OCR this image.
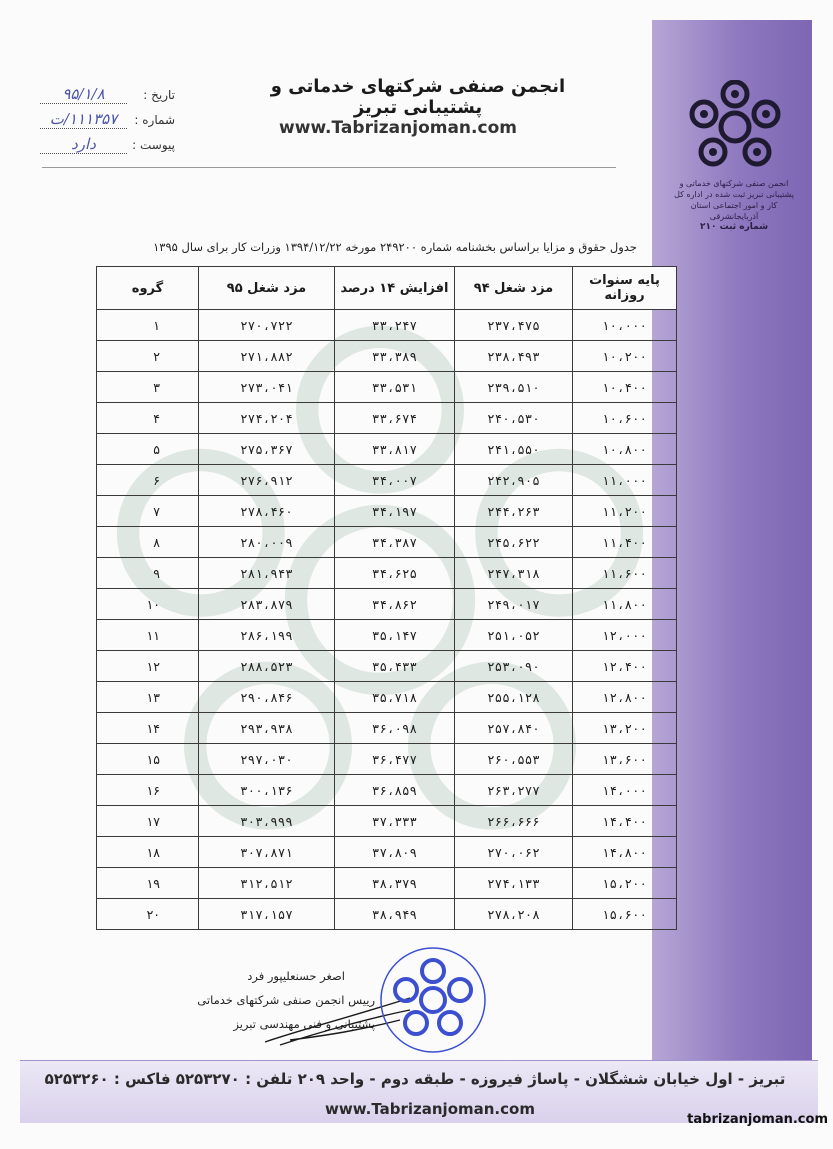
انجمن صنفی شرکتهای خدماتی و پشتیبانی تبریز ثبت شده در اداره کل کار و امور اجتماعی استان آذربایجانشرقی
شماره ثبت ۲۱۰
انجمن صنفی شرکتهای خدماتی و پشتیبانی تبریز
www.Tabrizanjoman.com
تاریخ :
۹۵/۱/۸
شماره :
۱۱۱۳۵۷/ت
پیوست :
دارد
جدول حقوق و مزایا براساس بخشنامه شماره ۲۴۹۲۰۰ مورخه ۱۳۹۴/۱۲/۲۲ وزرات کار برای سال ۱۳۹۵
پایه سنوات روزانه	مزد شغل ۹۴	افزایش ۱۴ درصد	مزد شغل ۹۵	گروه
۱۰،۰۰۰	۲۳۷،۴۷۵	۳۳،۲۴۷	۲۷۰،۷۲۲	۱
۱۰،۲۰۰	۲۳۸،۴۹۳	۳۳،۳۸۹	۲۷۱،۸۸۲	۲
۱۰،۴۰۰	۲۳۹،۵۱۰	۳۳،۵۳۱	۲۷۳،۰۴۱	۳
۱۰،۶۰۰	۲۴۰،۵۳۰	۳۳،۶۷۴	۲۷۴،۲۰۴	۴
۱۰،۸۰۰	۲۴۱،۵۵۰	۳۳،۸۱۷	۲۷۵،۳۶۷	۵
۱۱،۰۰۰	۲۴۲،۹۰۵	۳۴،۰۰۷	۲۷۶،۹۱۲	۶
۱۱،۲۰۰	۲۴۴،۲۶۳	۳۴،۱۹۷	۲۷۸،۴۶۰	۷
۱۱،۴۰۰	۲۴۵،۶۲۲	۳۴،۳۸۷	۲۸۰،۰۰۹	۸
۱۱،۶۰۰	۲۴۷،۳۱۸	۳۴،۶۲۵	۲۸۱،۹۴۳	۹
۱۱،۸۰۰	۲۴۹،۰۱۷	۳۴،۸۶۲	۲۸۳،۸۷۹	۱۰
۱۲،۰۰۰	۲۵۱،۰۵۲	۳۵،۱۴۷	۲۸۶،۱۹۹	۱۱
۱۲،۴۰۰	۲۵۳،۰۹۰	۳۵،۴۳۳	۲۸۸،۵۲۳	۱۲
۱۲،۸۰۰	۲۵۵،۱۲۸	۳۵،۷۱۸	۲۹۰،۸۴۶	۱۳
۱۳،۲۰۰	۲۵۷،۸۴۰	۳۶،۰۹۸	۲۹۳،۹۳۸	۱۴
۱۳،۶۰۰	۲۶۰،۵۵۳	۳۶،۴۷۷	۲۹۷،۰۳۰	۱۵
۱۴،۰۰۰	۲۶۳،۲۷۷	۳۶،۸۵۹	۳۰۰،۱۳۶	۱۶
۱۴،۴۰۰	۲۶۶،۶۶۶	۳۷،۳۳۳	۳۰۳،۹۹۹	۱۷
۱۴،۸۰۰	۲۷۰،۰۶۲	۳۷،۸۰۹	۳۰۷،۸۷۱	۱۸
۱۵،۲۰۰	۲۷۴،۱۳۳	۳۸،۳۷۹	۳۱۲،۵۱۲	۱۹
۱۵،۶۰۰	۲۷۸،۲۰۸	۳۸،۹۴۹	۳۱۷،۱۵۷	۲۰
اصغر حسنعلیپور فرد
رییس انجمن صنفی شرکتهای خدماتی
پشتیبانی و فنی مهندسی تبریز
تبریز - اول خیابان ششگلان - پاساژ فیروزه - طبقه دوم - واحد ۲۰۹ تلفن : ۵۲۵۳۲۷۰ فاکس : ۵۲۵۳۲۶۰
www.Tabrizanjoman.com
tabrizanjoman.com
